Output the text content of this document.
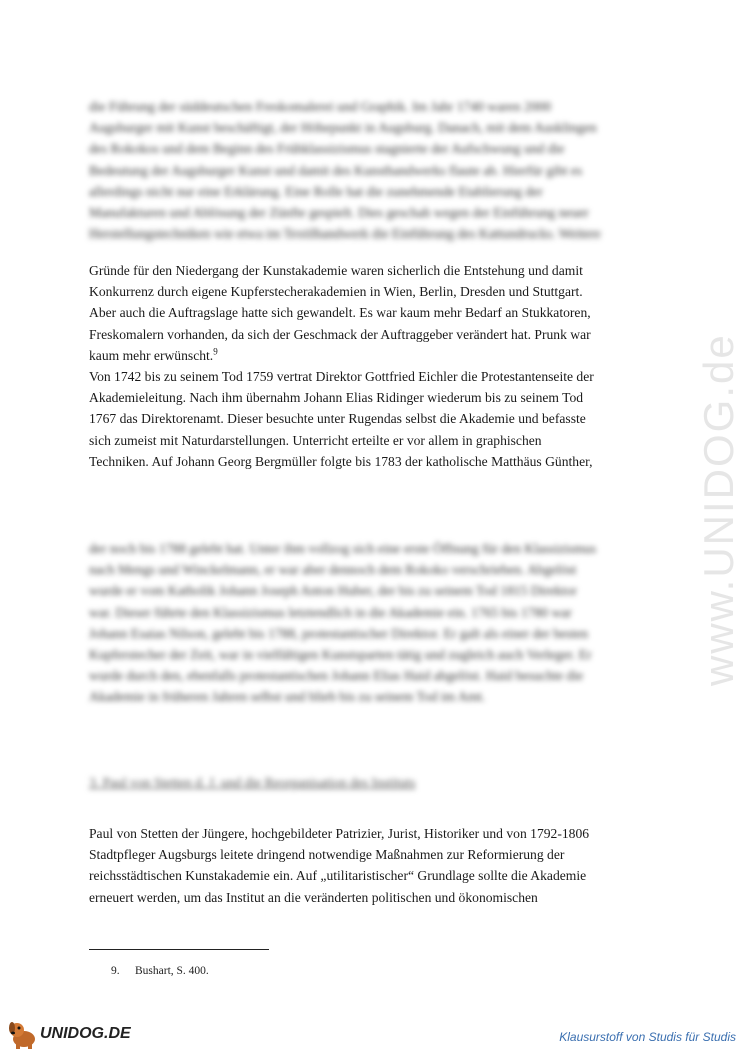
www.UNIDOG.de

die Führung der süddeutschen Freskomalerei und Graphik. Im Jahr 1740 waren 2000

Augsburger mit Kunst beschäftigt, der Höhepunkt in Augsburg. Danach, mit dem Ausklingen

des Rokokos und dem Beginn des Frühklassizismus stagnierte der Aufschwung und die

Bedeutung der Augsburger Kunst und damit des Kunsthandwerks flaute ab. Hierfür gibt es

allerdings nicht nur eine Erklärung. Eine Rolle hat die zunehmende Etablierung der

Manufakturen und Ablösung der Zünfte gespielt. Dies geschah wegen der Einführung neuer

Herstellungstechniken wie etwa im Textilhandwerk die Einführung des Kattundrucks. Weitere

Gründe für den Niedergang der Kunstakademie waren sicherlich die Entstehung und damit

Konkurrenz durch eigene Kupferstecherakademien in Wien, Berlin, Dresden und Stuttgart.

Aber auch die Auftragslage hatte sich gewandelt. Es war kaum mehr Bedarf an Stukkatoren,

Freskomalern vorhanden, da sich der Geschmack der Auftraggeber verändert hat. Prunk war

kaum mehr erwünscht.$^9$

Von 1742 bis zu seinem Tod 1759 vertrat Direktor Gottfried Eichler die Protestantenseite der

Akademieleitung. Nach ihm übernahm Johann Elias Ridinger wiederum bis zu seinem Tod

1767 das Direktorenamt. Dieser besuchte unter Rugendas selbst die Akademie und befasste

sich zumeist mit Naturdarstellungen. Unterricht erteilte er vor allem in graphischen

Techniken. Auf Johann Georg Bergmüller folgte bis 1783 der katholische Matthäus Günther,

der noch bis 1788 gelebt hat. Unter ihm vollzog sich eine erste Öffnung für den Klassizismus

nach Mengs und Winckelmann, er war aber dennoch dem Rokoko verschrieben. Abgelöst

wurde er vom Katholik Johann Joseph Anton Huber, der bis zu seinem Tod 1815 Direktor

war. Dieser führte den Klassizismus letztendlich in die Akademie ein. 1765 bis 1780 war

Johann Esaias Nilson, gelebt bis 1788, protestantischer Direktor. Er galt als einer der besten

Kupferstecher der Zeit, war in vielfältigen Kunstsparten tätig und zugleich auch Verleger. Er

wurde durch den, ebenfalls protestantischen Johann Elias Haid abgelöst. Haid besuchte die

Akademie in früheren Jahren selbst und blieb bis zu seinem Tod im Amt.

3. Paul von Stetten d. J. und die Reorganisation des Instituts

Paul von Stetten der Jüngere, hochgebildeter Patrizier, Jurist, Historiker und von 1792-1806

Stadtpfleger Augsburgs leitete dringend notwendige Maßnahmen zur Reformierung der

reichsstädtischen Kunstakademie ein. Auf „utilitaristischer“ Grundlage sollte die Akademie

erneuert werden, um das Institut an die veränderten politischen und ökonomischen

9. Bushart, S. 400.
UNIDOG.DE	Klausurstoff von Studis für Studis
